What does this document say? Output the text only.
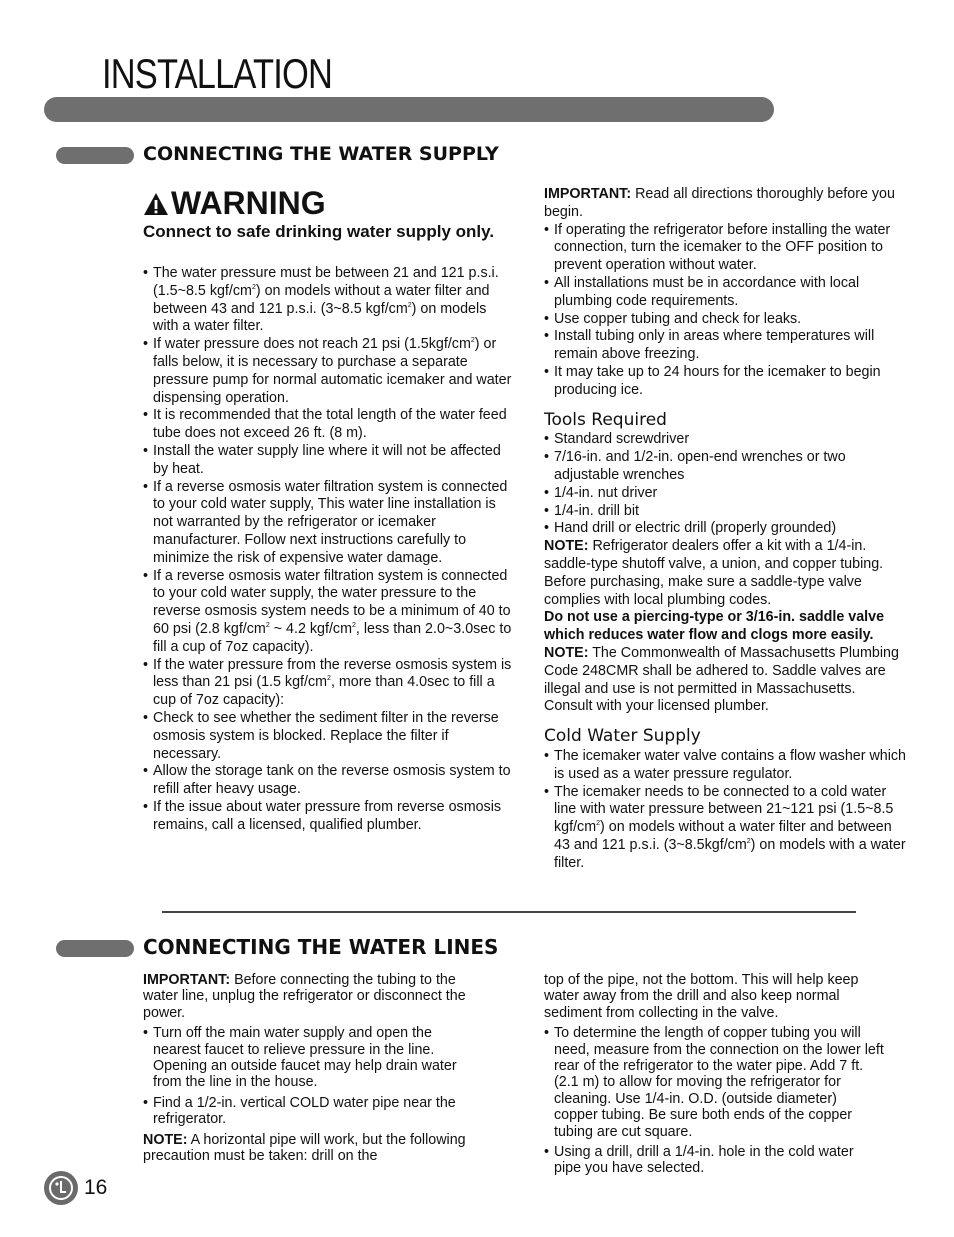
INSTALLATION
CONNECTING THE WATER SUPPLY
WARNING
Connect to safe drinking water supply only.
• The water pressure must be between 21 and 121 p.s.i. (1.5~8.5 kgf/$cm^2$) on models without a water filter and between 43 and 121 p.s.i. (3~8.5 kgf/$cm^2$) on models with a water filter.
• If water pressure does not reach 21 psi $(1.5kgf/cm^2)$ or falls below, it is necessary to purchase a separate pressure pump for normal automatic icemaker and water dispensing operation.
• It is recommended that the total length of the water feed tube does not exceed 26 ft. (8 m).
• Install the water supply line where it will not be affected by heat.
• If a reverse osmosis water filtration system is connected to your cold water supply, This water line installation is not warranted by the refrigerator or icemaker manufacturer. Follow next instructions carefully to minimize the risk of expensive water damage.
• If a reverse osmosis water filtration system is connected to your cold water supply, the water pressure to the reverse osmosis system needs to be a minimum of 40 to 60 psi (2.8 kgf/$cm^2$ ~ 4.2 kgf/$cm^2$, less than 2.0~3.0sec to fill a cup of 7oz capacity).
• If the water pressure from the reverse osmosis system is less than 21 psi (1.5 kgf/$cm^2$, more than 4.0sec to fill a cup of 7oz capacity):
• Check to see whether the sediment filter in the reverse osmosis system is blocked. Replace the filter if necessary.
• Allow the storage tank on the reverse osmosis system to refill after heavy usage.
• If the issue about water pressure from reverse osmosis remains, call a licensed, qualified plumber.

IMPORTANT: Read all directions thoroughly before you begin.

• If operating the refrigerator before installing the water connection, turn the icemaker to the OFF position to prevent operation without water.
• All installations must be in accordance with local plumbing code requirements.
• Use copper tubing and check for leaks.
• Install tubing only in areas where temperatures will remain above freezing.
• It may take up to 24 hours for the icemaker to begin producing ice.
Tools Required
• Standard screwdriver
• 7/16-in. and 1/2-in. open-end wrenches or two adjustable wrenches
• 1/4-in. nut driver
• 1/4-in. drill bit
• Hand drill or electric drill (properly grounded)

NOTE: Refrigerator dealers offer a kit with a 1/4-in. saddle-type shutoff valve, a union, and copper tubing. Before purchasing, make sure a saddle-type valve complies with local plumbing codes.

Do not use a piercing-type or 3/16-in. saddle valve which reduces water flow and clogs more easily.

NOTE: The Commonwealth of Massachusetts Plumbing Code 248CMR shall be adhered to. Saddle valves are illegal and use is not permitted in Massachusetts. Consult with your licensed plumber.

Cold Water Supply
• The icemaker water valve contains a flow washer which is used as a water pressure regulator.
• The icemaker needs to be connected to a cold water line with water pressure between 21~121 psi (1.5~8.5 kgf/$cm^2$) on models without a water filter and between 43 and 121 p.s.i. $(3\sim 8.5kgf/cm^2)$ on models with a water filter.
CONNECTING THE WATER LINES

IMPORTANT: Before connecting the tubing to the water line, unplug the refrigerator or disconnect the power.

• Turn off the main water supply and open the nearest faucet to relieve pressure in the line. Opening an outside faucet may help drain water from the line in the house.
• Find a 1/2-in. vertical COLD water pipe near the refrigerator.

NOTE: A horizontal pipe will work, but the following precaution must be taken: drill on the

top of the pipe, not the bottom. This will help keep water away from the drill and also keep normal sediment from collecting in the valve.

• To determine the length of copper tubing you will need, measure from the connection on the lower left rear of the refrigerator to the water pipe. Add 7 ft. (2.1 m) to allow for moving the refrigerator for cleaning. Use 1/4-in. O.D. (outside diameter) copper tubing. Be sure both ends of the copper tubing are cut square.
• Using a drill, drill a 1/4-in. hole in the cold water pipe you have selected.
16
